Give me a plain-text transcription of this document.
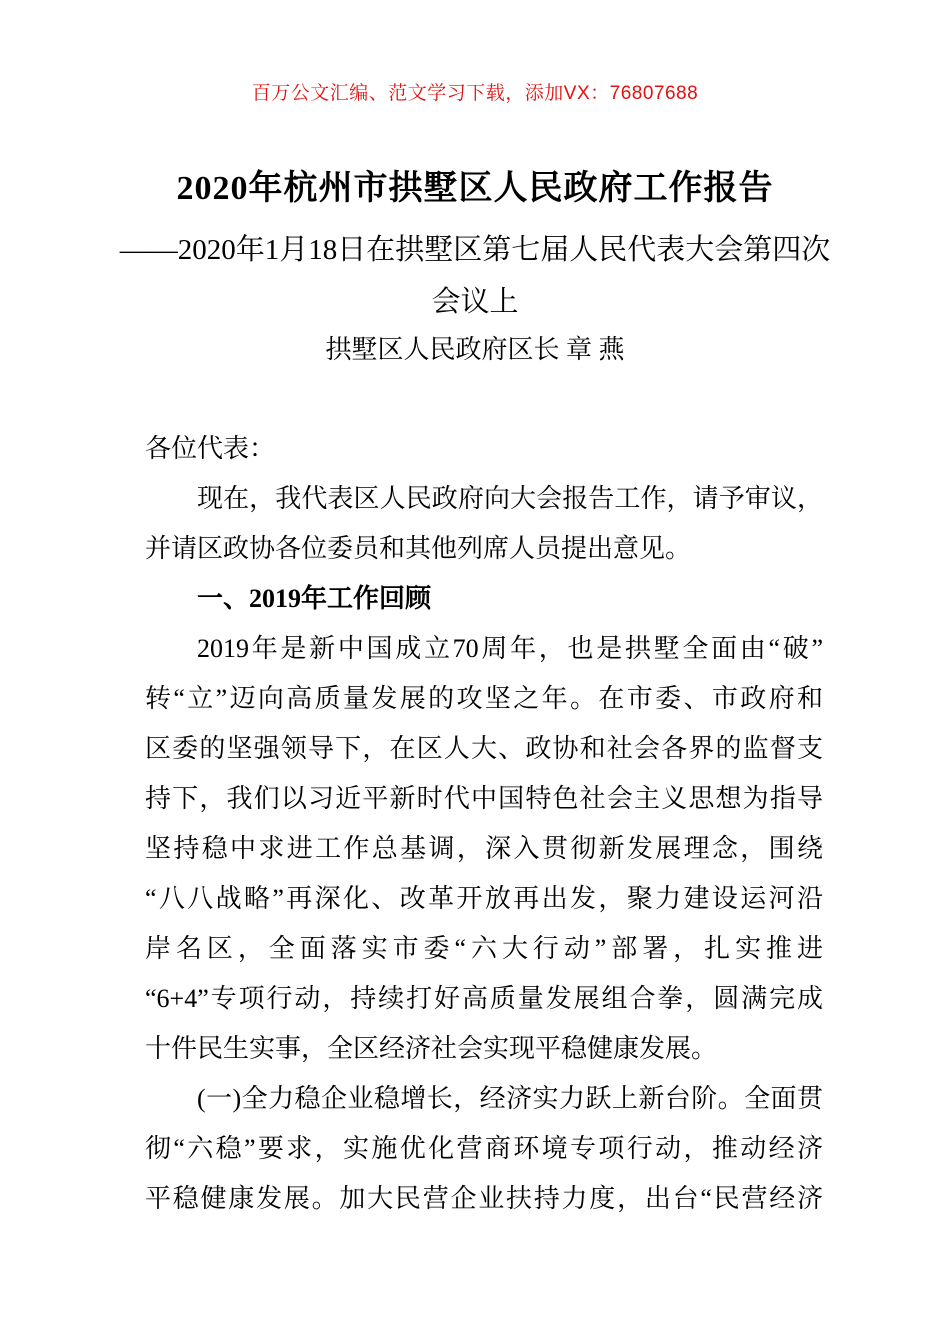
百万公文汇编、范文学习下载，添加VX：76807688
2020年杭州市拱墅区人民政府工作报告
——2020年1月18日在拱墅区第七届人民代表大会第四次
会议上
拱墅区人民政府区长 章 燕
各位代表：
现在，我代表区人民政府向大会报告工作，请予审议，
并请区政协各位委员和其他列席人员提出意见。
一、2019年工作回顾
2019年是新中国成立70周年，也是拱墅全面由“破”
转“立”迈向高质量发展的攻坚之年。在市委、市政府和
区委的坚强领导下，在区人大、政协和社会各界的监督支
持下，我们以习近平新时代中国特色社会主义思想为指导
坚持稳中求进工作总基调，深入贯彻新发展理念，围绕
“八八战略”再深化、改革开放再出发，聚力建设运河沿
岸名区，全面落实市委“六大行动”部署，扎实推进
“6+4”专项行动，持续打好高质量发展组合拳，圆满完成
十件民生实事，全区经济社会实现平稳健康发展。
(一)全力稳企业稳增长，经济实力跃上新台阶。全面贯
彻“六稳”要求，实施优化营商环境专项行动，推动经济
平稳健康发展。加大民营企业扶持力度，出台“民营经济
